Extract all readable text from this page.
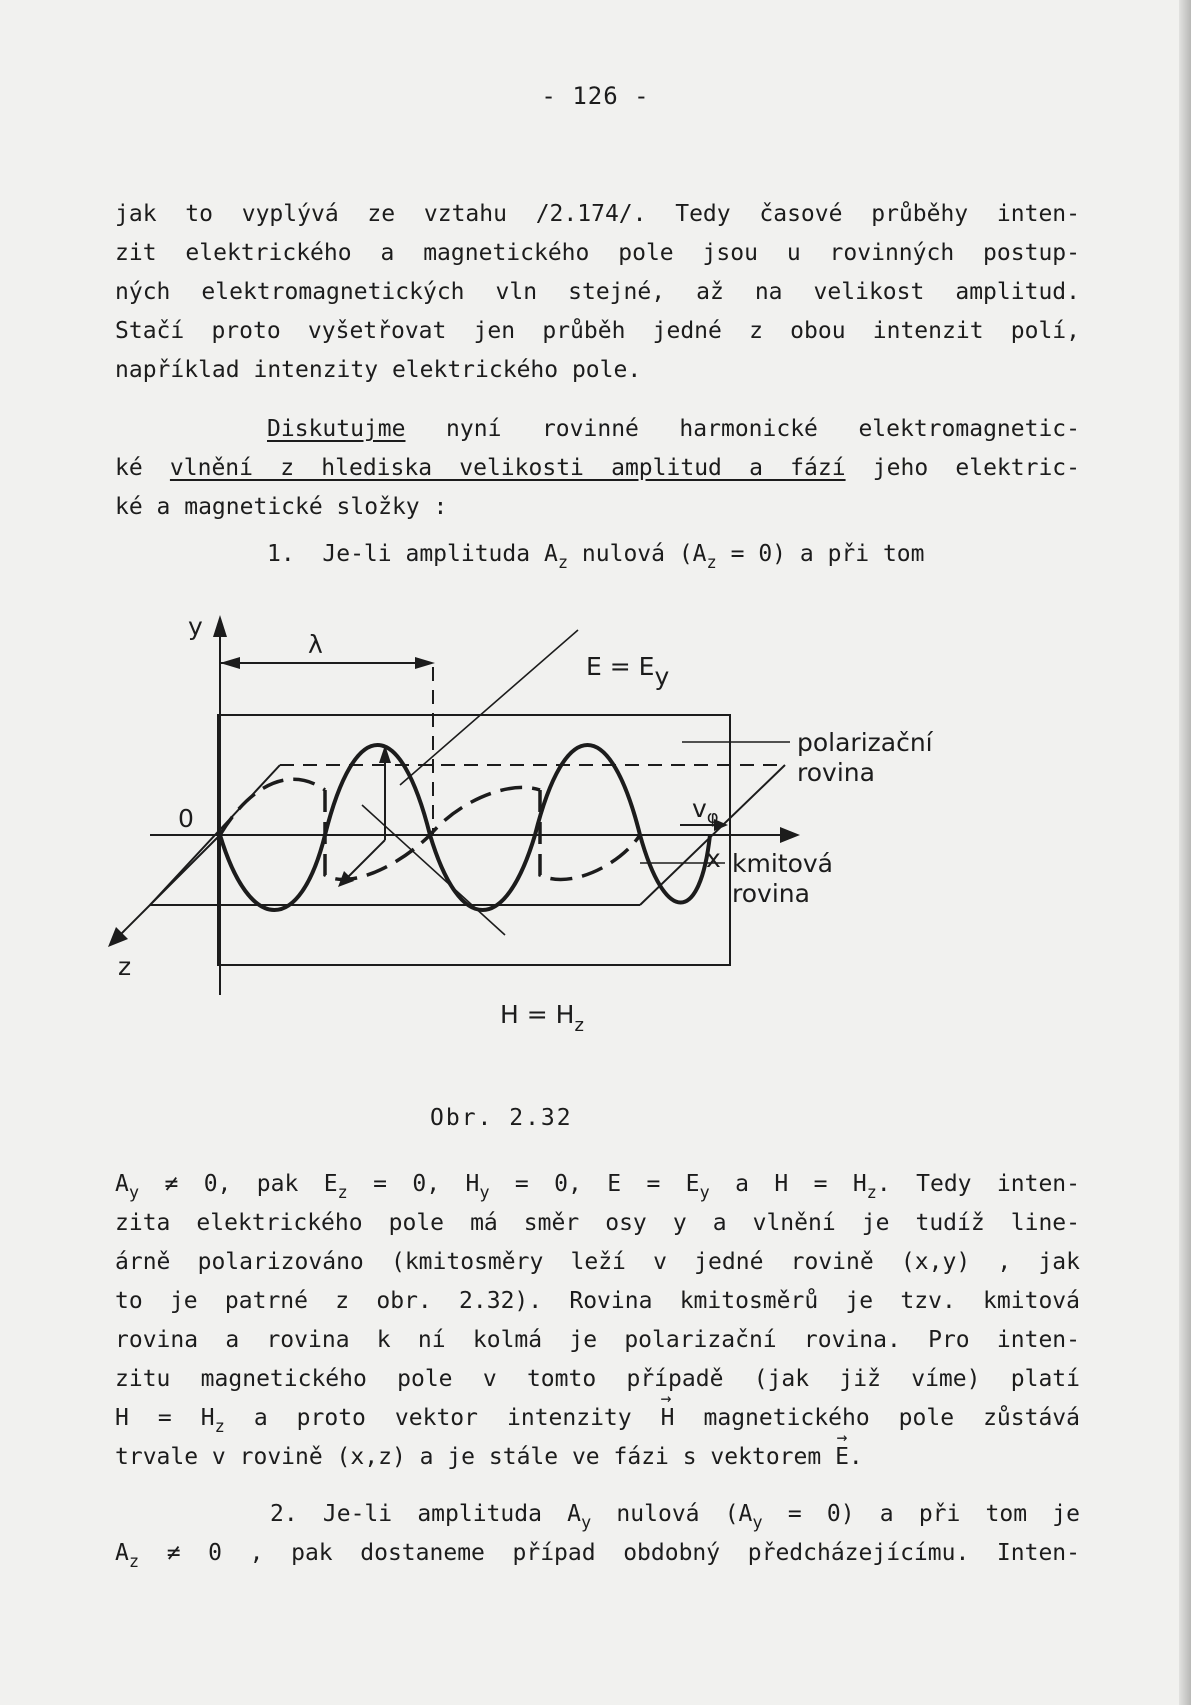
- 126 -
jak to vyplývá ze vztahu /2.174/. Tedy časové průběhy inten-
zit elektrického a magnetického pole jsou u rovinných postup-
ných elektromagnetických vln stejné, až na velikost amplitud.
Stačí proto vyšetřovat jen průběh jedné z obou intenzit polí,
například intenzity elektrického pole.
Diskutujme nyní rovinné harmonické elektromagnetic-
ké vlnění z hlediska velikosti amplitud a fází jeho elektric-
ké a magnetické složky :
1.  Je-li amplituda $A_z$ nulová $(A_z = 0)$ a při tom
y
x
z
0
λ
E = Ey
$H = H_z$
$v_\varphi$
polarizační
rovina
kmitová
rovina
Obr. 2.32
$A_y \ne 0$, pak $E_z = 0$, $H_y = 0$, $E = E_y$ a $H = H_z$. Tedy inten-
zita elektrického pole má směr osy y a vlnění je tudíž line-
árně polarizováno (kmitosměry leží v jedné rovině (x,y) , jak
to je patrné z obr. 2.32). Rovina kmitosměrů je tzv. kmitová
rovina a rovina k ní kolmá je polarizační rovina. Pro inten-
zitu magnetického pole v tomto případě (jak již víme) platí
$H = H_z$ a proto vektor intenzity → H magnetického pole zůstává
trvale v rovině (x,z) a je stále ve fázi s vektorem → E.
2. Je-li amplituda $A_y$ nulová $(A_y = 0)$ a při tom je
$A_z \ne 0$ , pak dostaneme případ obdobný předcházejícímu. Inten-
